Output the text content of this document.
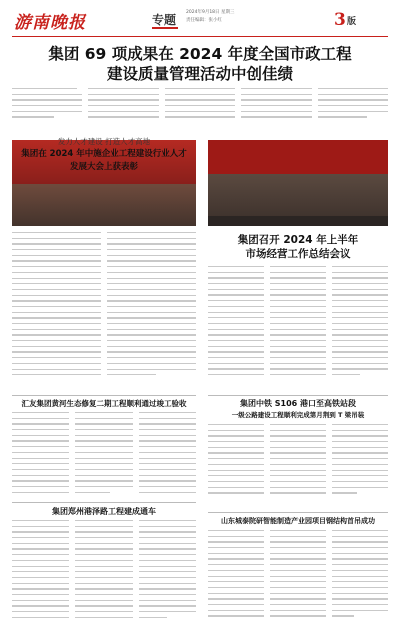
游南晚报	专题
2024年9月18日 星期三
责任编辑：张小红	3 版
集团 69 项成果在 2024 年度全国市政工程
建设质量管理活动中创佳绩
发力人才建设 打造人才高地
集团在 2024 年中施企业工程建设行业人才
发展大会上获表彰
集团召开 2024 年上半年
市场经营工作总结会议
汇友集团黄河生态修复二期工程顺利通过竣工验收	集团中铁 S106 港口至高铁站段
一级公路建设工程顺利完成第月荆到 T 梁吊装
集团郑州港泽路工程建成通车
山东城泰院研智能制造产业园项目钢结构首吊成功
